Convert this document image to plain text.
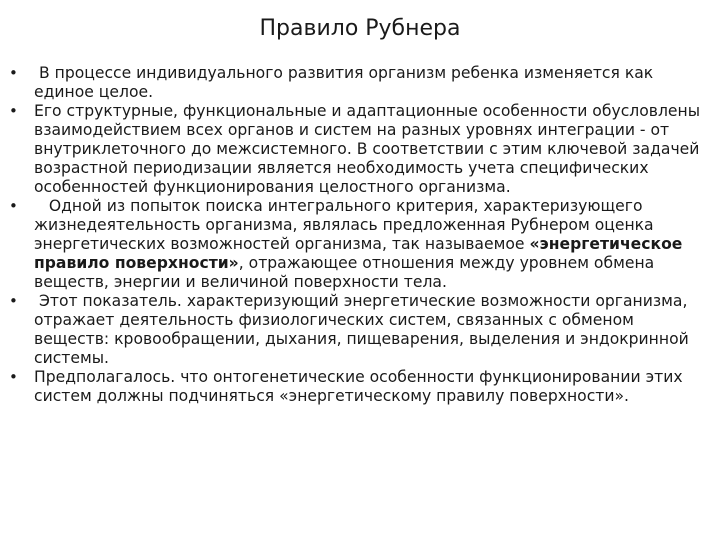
Правило Рубнера
• В процессе индивидуального развития организм ребенка изменяется как единое целое.
• Его структурные, функциональные и адаптационные особенности обусловлены взаимодействием всех органов и систем на разных уровнях интеграции - от внутриклеточного до межсистемного. В соответствии с этим ключевой задачей возрастной периодизации является необходимость учета специфических особенностей функционирования целостного организма.
• Одной из попыток поиска интегрального критерия, характеризующего жизнедеятельность организма, являлась предложенная Рубнером оценка энергетических возможностей организма, так называемое «энергетическое правило поверхности», отражающее отношения между уровнем обмена веществ, энергии и величиной поверхности тела.
• Этот показатель. характеризующий энергетические возможности организма, отражает деятельность физиологических систем, связанных с обменом веществ: кровообращении, дыхания, пищеварения, выделения и эндокринной системы.
• Предполагалось. что онтогенетические особенности функционировании этих систем должны подчиняться «энергетическому правилу поверхности».
